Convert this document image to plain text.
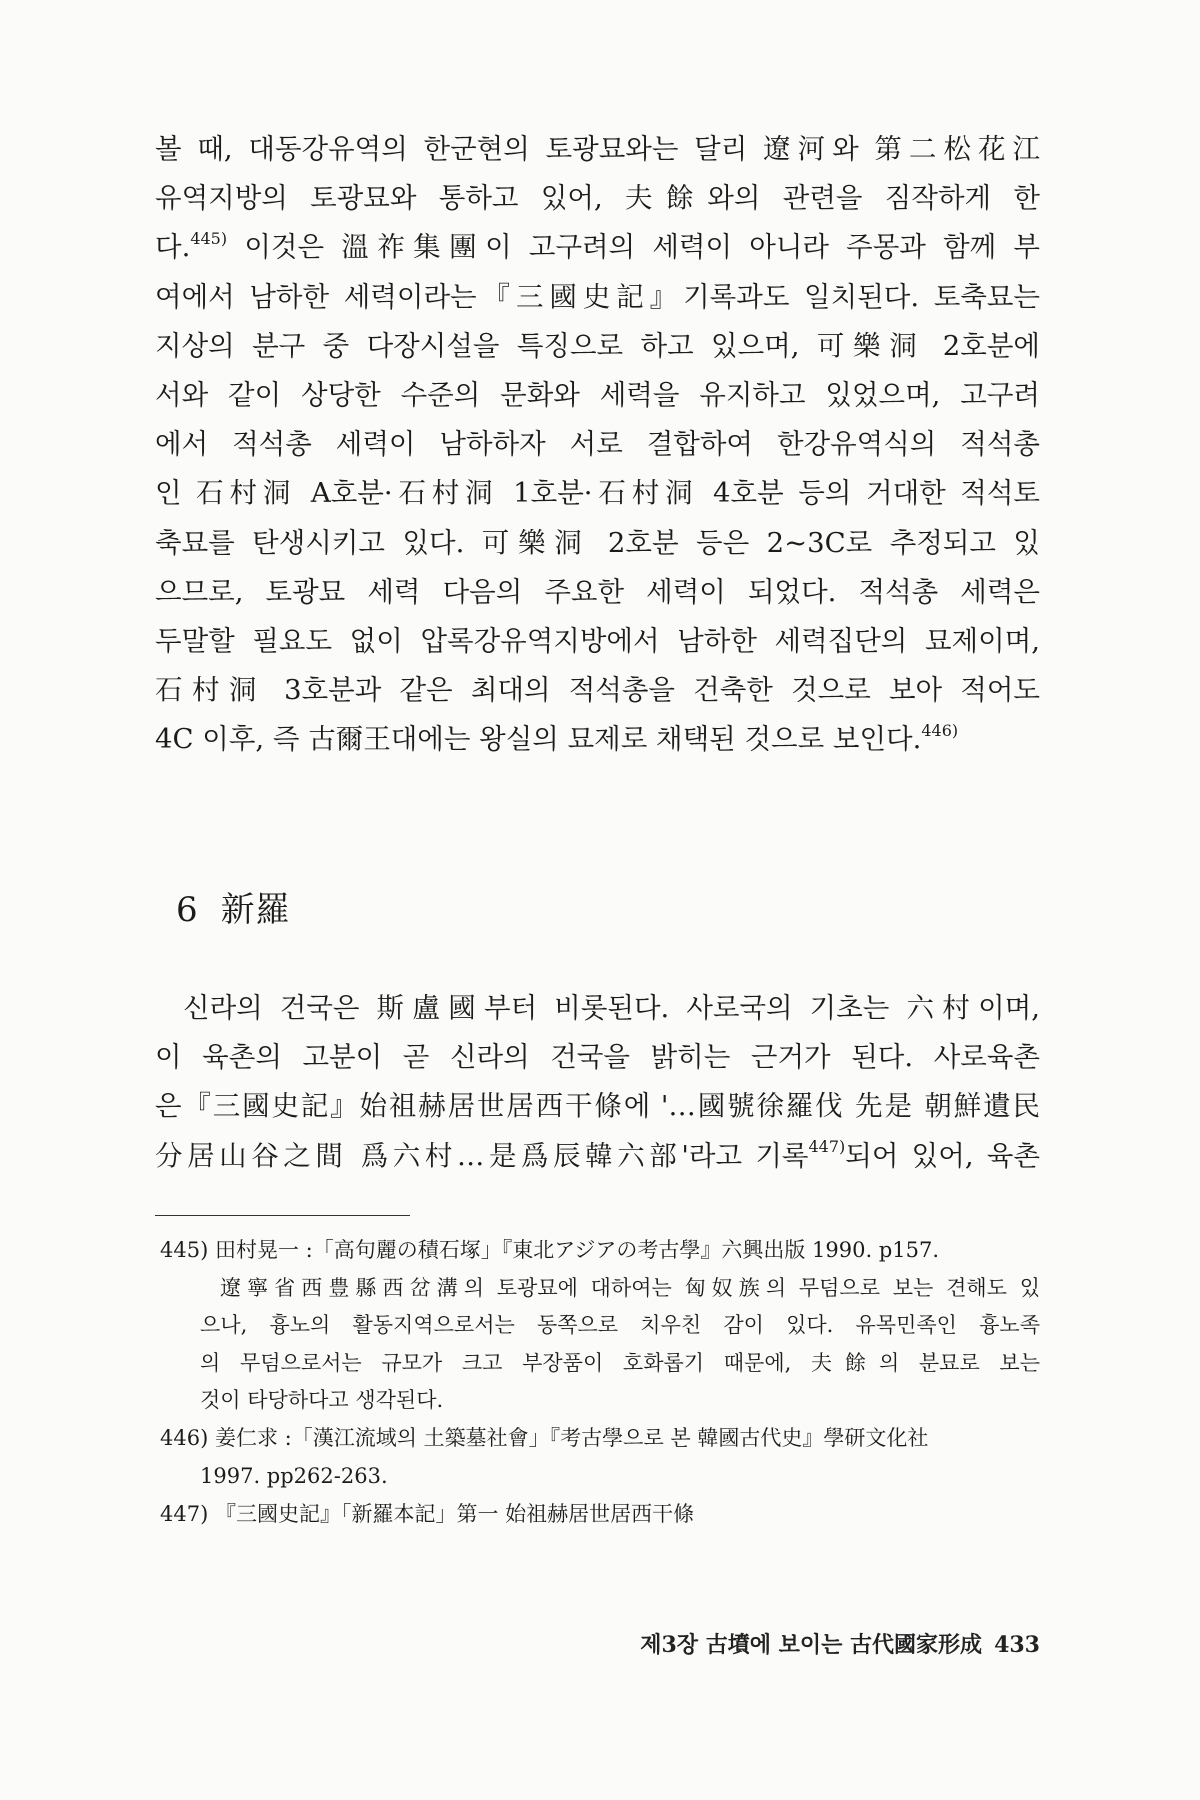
볼 때, 대동강유역의 한군현의 토광묘와는 달리 遼河와 第二松花江
유역지방의 토광묘와 통하고 있어, 夫餘와의 관련을 짐작하게 한
다.$^{445)}$ 이것은 溫祚集團이 고구려의 세력이 아니라 주몽과 함께 부
여에서 남하한 세력이라는『三國史記』기록과도 일치된다. 토축묘는
지상의 분구 중 다장시설을 특징으로 하고 있으며, 可樂洞 2호분에
서와 같이 상당한 수준의 문화와 세력을 유지하고 있었으며, 고구려
에서 적석총 세력이 남하하자 서로 결합하여 한강유역식의 적석총
인 石村洞 A호분·石村洞 1호분·石村洞 4호분 등의 거대한 적석토
축묘를 탄생시키고 있다. 可樂洞 2호분 등은 2~3C로 추정되고 있
으므로, 토광묘 세력 다음의 주요한 세력이 되었다. 적석총 세력은
두말할 필요도 없이 압록강유역지방에서 남하한 세력집단의 묘제이며,
石村洞 3호분과 같은 최대의 적석총을 건축한 것으로 보아 적어도
4C 이후, 즉 古爾王대에는 왕실의 묘제로 채택된 것으로 보인다.$^{446)}$
6 新羅
신라의 건국은 斯盧國부터 비롯된다. 사로국의 기초는 六村이며,
이 육촌의 고분이 곧 신라의 건국을 밝히는 근거가 된다. 사로육촌
은『三國史記』始祖赫居世居西干條에 '…國號徐羅伐 先是 朝鮮遺民
分居山谷之間 爲六村…是爲辰韓六部'라고 기록$^{447)}$되어 있어, 육촌
445) 田村晃一 :「高句麗の積石塚」『東北アジアの考古學』六興出版 1990. p157.
遼寧省西豊縣西岔溝의 토광묘에 대하여는 匈奴族의 무덤으로 보는 견해도 있
으나, 흉노의 활동지역으로서는 동쪽으로 치우친 감이 있다. 유목민족인 흉노족
의 무덤으로서는 규모가 크고 부장품이 호화롭기 때문에, 夫餘의 분묘로 보는
것이 타당하다고 생각된다.
446) 姜仁求 :「漢江流域의 土築墓社會」『考古學으로 본 韓國古代史』學研文化社
1997. pp262-263.
447) 『三國史記』「新羅本記」第一 始祖赫居世居西干條
제3장 古墳에 보이는 古代國家形成 433
